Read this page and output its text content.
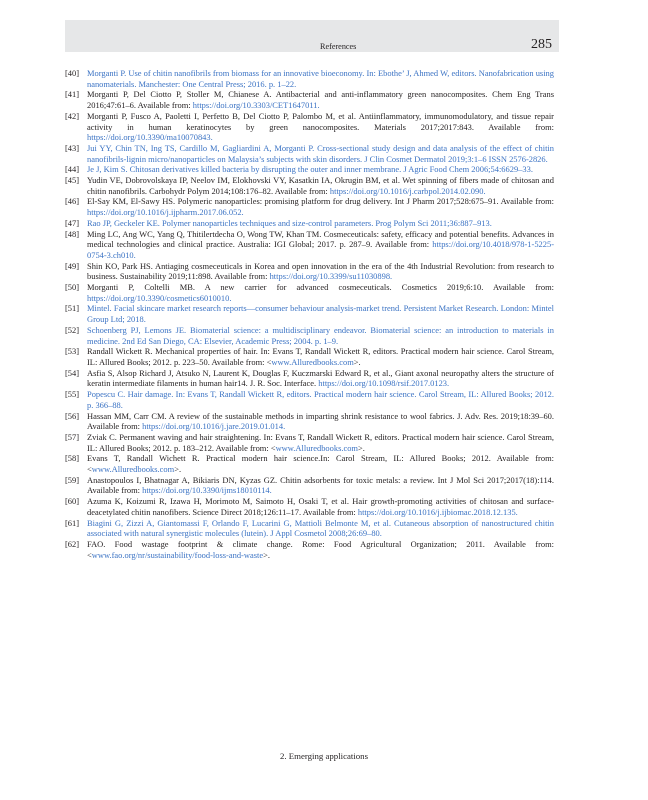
References	285
[40] Morganti P. Use of chitin nanofibrils from biomass for an innovative bioeconomy. In: Ebothe’ J, Ahmed W, editors. Nanofabrication using nanomaterials. Manchester: One Central Press; 2016. p. 1–22.
[41] Morganti P, Del Ciotto P, Stoller M, Chianese A. Antibacterial and anti-inflammatory green nanocomposites. Chem Eng Trans 2016;47:61–6. Available from: https://doi.org/10.3303/CET1647011.
[42] Morganti P, Fusco A, Paoletti I, Perfetto B, Del Ciotto P, Palombo M, et al. Antiinflammatory, immunomodulatory, and tissue repair activity in human keratinocytes by green nanocomposites. Materials 2017;2017:843. Available from: https://doi.org/10.3390/ma10070843.
[43] Jui YY, Chin TN, Ing TS, Cardillo M, Gagliardini A, Morganti P. Cross-sectional study design and data analysis of the effect of chitin nanofibrils-lignin micro/nanoparticles on Malaysia’s subjects with skin disorders. J Clin Cosmet Dermatol 2019;3:1–6 ISSN 2576-2826.
[44] Je J, Kim S. Chitosan derivatives killed bacteria by disrupting the outer and inner membrane. J Agric Food Chem 2006;54:6629–33.
[45] Yudin VE, Dobrovolskaya IP, Neelov IM, Elokhovski VY, Kasatkin IA, Okrugin BM, et al. Wet spinning of fibers made of chitosan and chitin nanofibrils. Carbohydr Polym 2014;108:176–82. Available from: https://doi.org/10.1016/j.carbpol.2014.02.090.
[46] El-Say KM, El-Sawy HS. Polymeric nanoparticles: promising platform for drug delivery. Int J Pharm 2017;528:675–91. Available from: https://doi.org/10.1016/j.ijpharm.2017.06.052.
[47] Rao JP, Geckeler KE. Polymer nanoparticles techniques and size-control parameters. Prog Polym Sci 2011;36:887–913.
[48] Ming LC, Ang WC, Yang Q, Thitilertdecha O, Wong TW, Khan TM. Cosmeceuticals: safety, efficacy and potential benefits. Advances in medical technologies and clinical practice. Australia: IGI Global; 2017. p. 287–9. Available from: https://doi.org/10.4018/978-1-5225-0754-3.ch010.
[49] Shin KO, Park HS. Antiaging cosmeceuticals in Korea and open innovation in the era of the 4th Industrial Revolution: from research to business. Sustainability 2019;11:898. Available from: https://doi.org/10.3399/su11030898.
[50] Morganti P, Coltelli MB. A new carrier for advanced cosmeceuticals. Cosmetics 2019;6:10. Available from: https://doi.org/10.3390/cosmetics6010010.
[51] Mintel. Facial skincare market research reports—consumer behaviour analysis-market trend. Persistent Market Research. London: Mintel Group Ltd; 2018.
[52] Schoenberg PJ, Lemons JE. Biomaterial science: a multidisciplinary endeavor. Biomaterial science: an introduction to materials in medicine. 2nd Ed San Diego, CA: Elsevier, Academic Press; 2004. p. 1–9.
[53] Randall Wickett R. Mechanical properties of hair. In: Evans T, Randall Wickett R, editors. Practical modern hair science. Carol Stream, IL: Allured Books; 2012. p. 223–50. Available from: <www.Alluredbooks.com>.
[54] Asfia S, Alsop Richard J, Atsuko N, Laurent K, Douglas F, Kuczmarski Edward R, et al., Giant axonal neuropathy alters the structure of keratin intermediate filaments in human hair14. J. R. Soc. Interface. https://doi.org/10.1098/rsif.2017.0123.
[55] Popescu C. Hair damage. In: Evans T, Randall Wickett R, editors. Practical modern hair science. Carol Stream, IL: Allured Books; 2012. p. 366–88.
[56] Hassan MM, Carr CM. A review of the sustainable methods in imparting shrink resistance to wool fabrics. J. Adv. Res. 2019;18:39–60. Available from: https://doi.org/10.1016/j.jare.2019.01.014.
[57] Zviak C. Permanent waving and hair straightening. In: Evans T, Randall Wickett R, editors. Practical modern hair science. Carol Stream, IL: Allured Books; 2012. p. 183–212. Available from: <www.Alluredbooks.com>.
[58] Evans T, Randall Wichett R. Practical modern hair science.In: Carol Stream, IL: Allured Books; 2012. Available from: <www.Alluredbooks.com>.
[59] Anastopoulos I, Bhatnagar A, Bikiaris DN, Kyzas GZ. Chitin adsorbents for toxic metals: a review. Int J Mol Sci 2017;2017(18):114. Available from: https://doi.org/10.3390/ijms18010114.
[60] Azuma K, Koizumi R, Izawa H, Morimoto M, Saimoto H, Osaki T, et al. Hair growth-promoting activities of chitosan and surface-deacetylated chitin nanofibers. Science Direct 2018;126:11–17. Available from: https://doi.org/10.1016/j.ijbiomac.2018.12.135.
[61] Biagini G, Zizzi A, Giantomassi F, Orlando F, Lucarini G, Mattioli Belmonte M, et al. Cutaneous absorption of nanostructured chitin associated with natural synergistic molecules (lutein). J Appl Cosmetol 2008;26:69–80.
[62] FAO. Food wastage footprint & climate change. Rome: Food Agricultural Organization; 2011. Available from: <www.fao.org/nr/sustainability/food-loss-and-waste>.
2. Emerging applications
